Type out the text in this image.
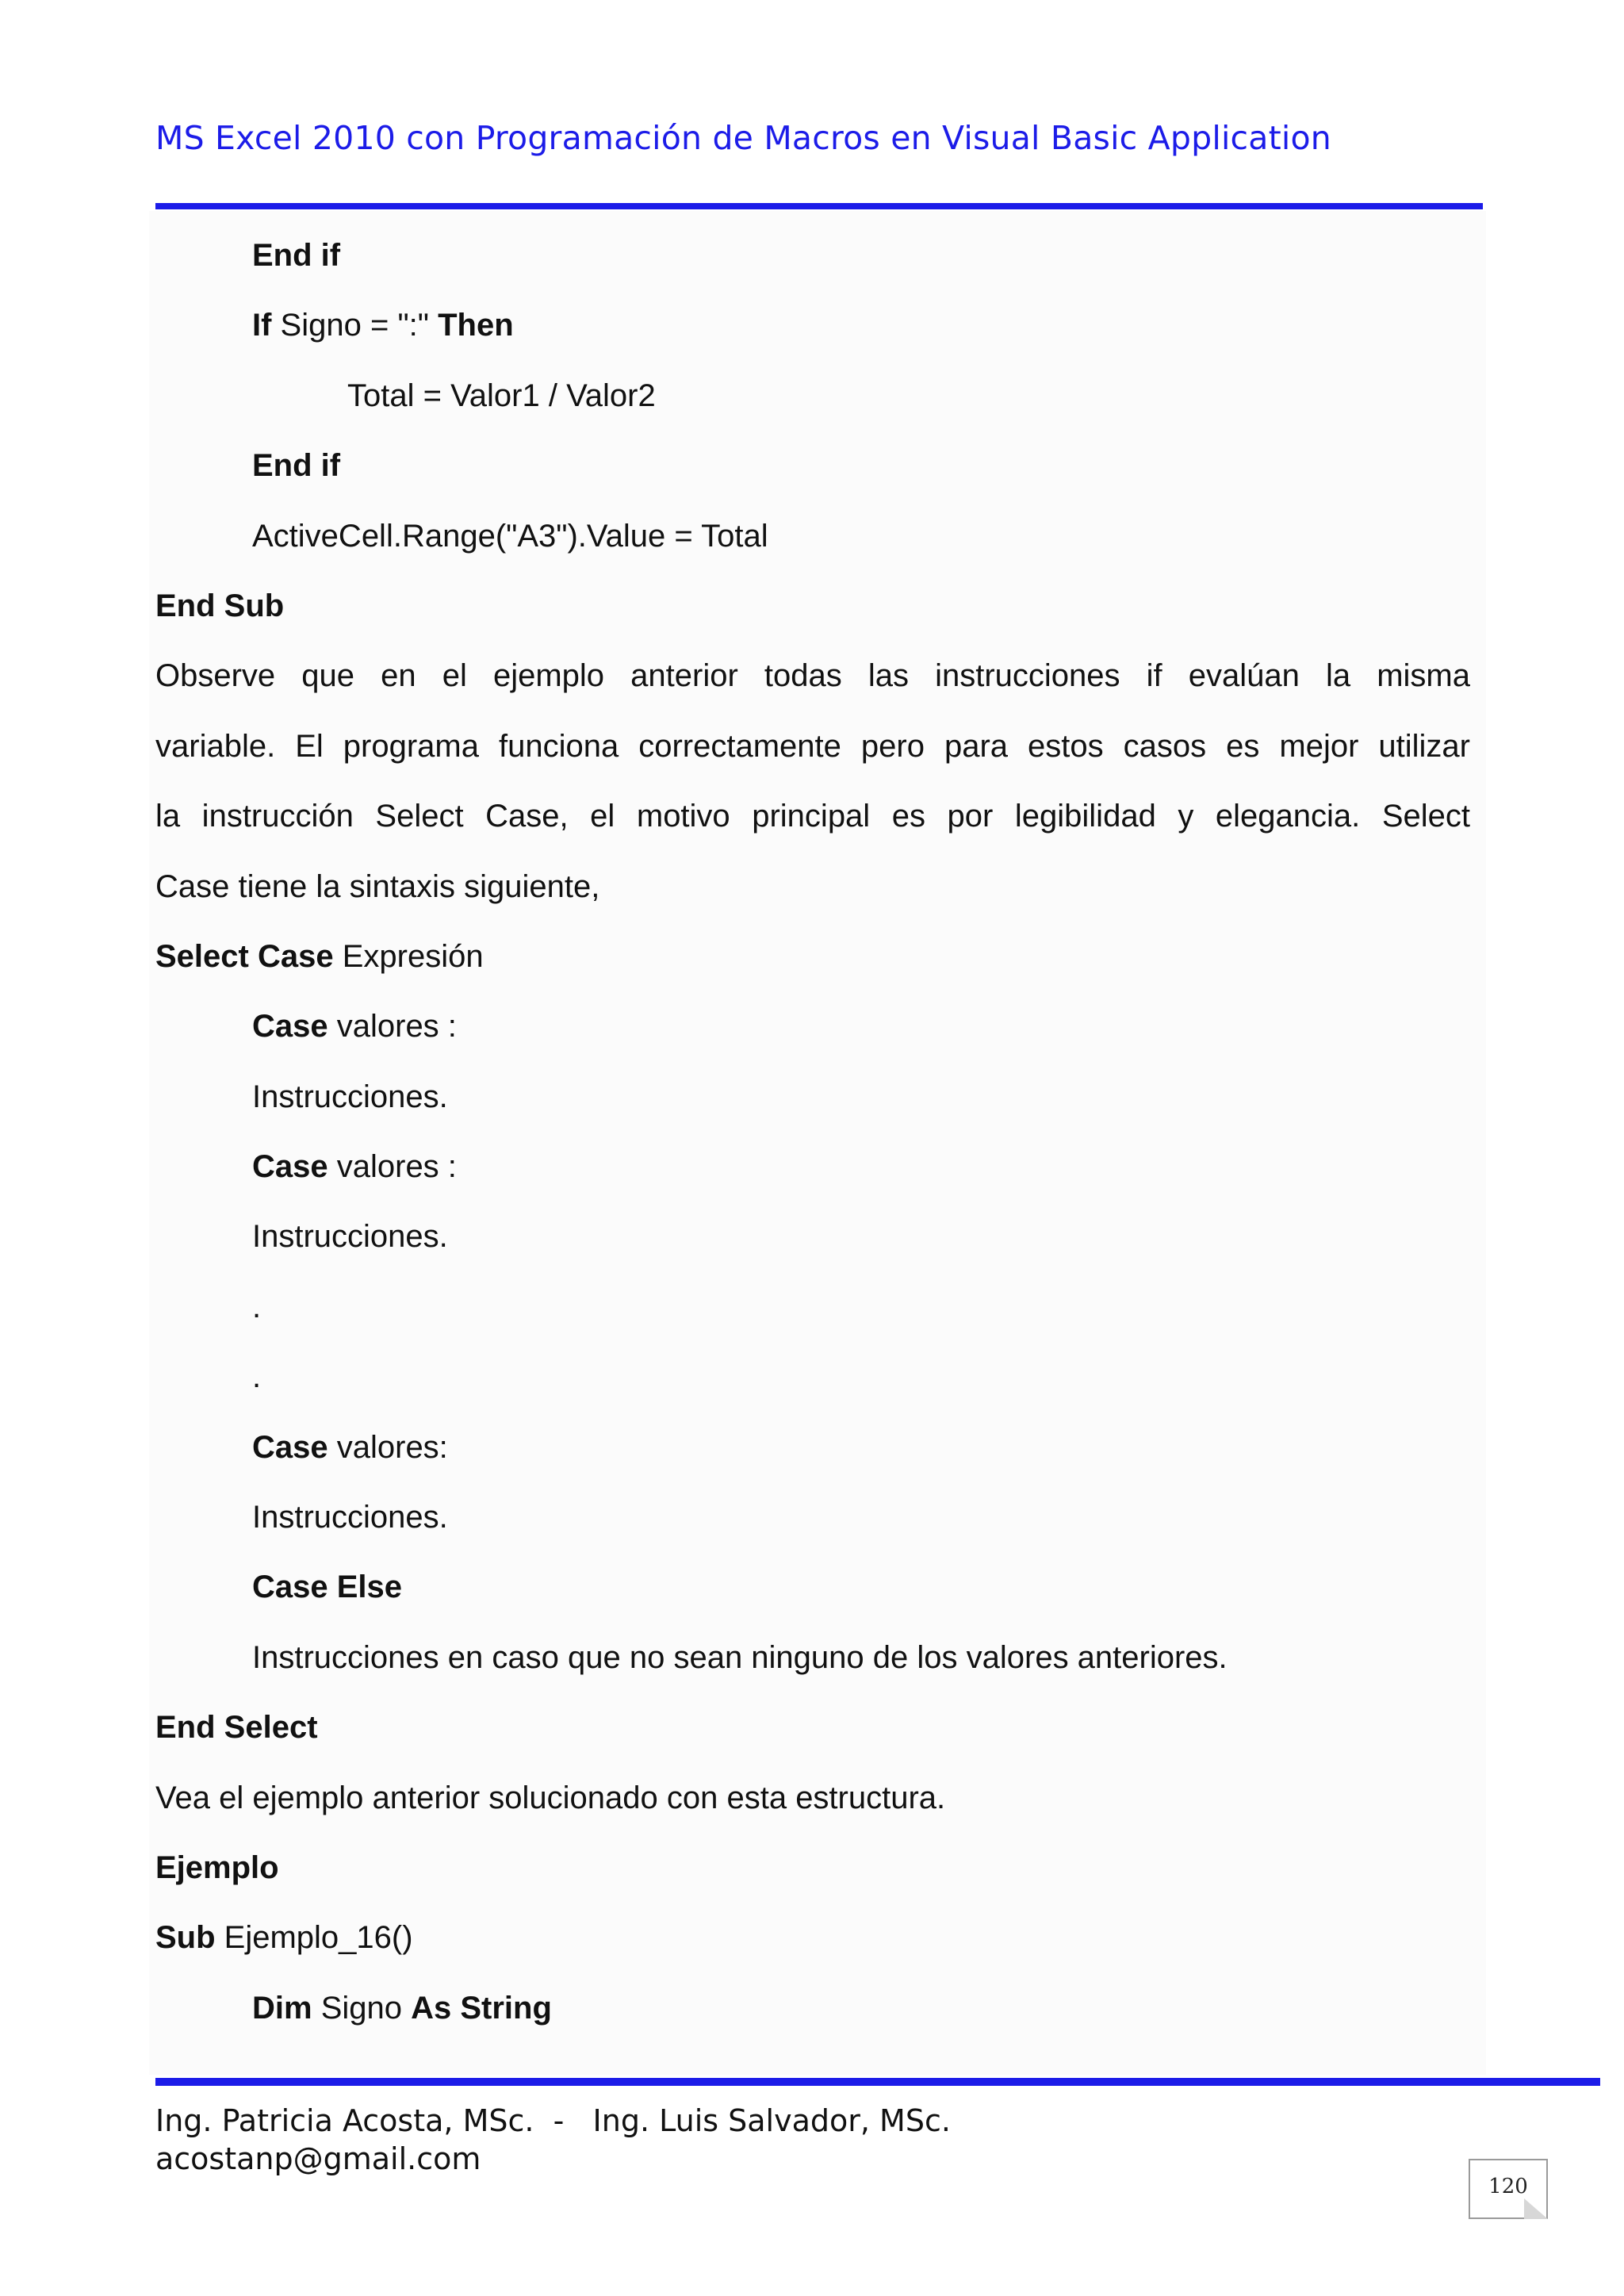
MS Excel 2010 con Programación de Macros en Visual Basic Application
End if
If Signo = ":" Then
Total = Valor1 / Valor2
End if
ActiveCell.Range("A3").Value = Total
End Sub
Observe que en el ejemplo anterior todas las instrucciones if evalúan la misma
variable. El programa funciona correctamente pero para estos casos es mejor utilizar
la instrucción Select Case, el motivo principal es por legibilidad y elegancia. Select
Case tiene la sintaxis siguiente,
Select Case Expresión
Case valores :
Instrucciones.
Case valores :
Instrucciones.
.
.
Case valores:
Instrucciones.
Case Else
Instrucciones en caso que no sean ninguno de los valores anteriores.
End Select
Vea el ejemplo anterior solucionado con esta estructura.
Ejemplo
Sub Ejemplo_16()
Dim Signo As String
Ing. Patricia Acosta, MSc.  -   Ing. Luis Salvador, MSc.
acostanp@gmail.com
120
